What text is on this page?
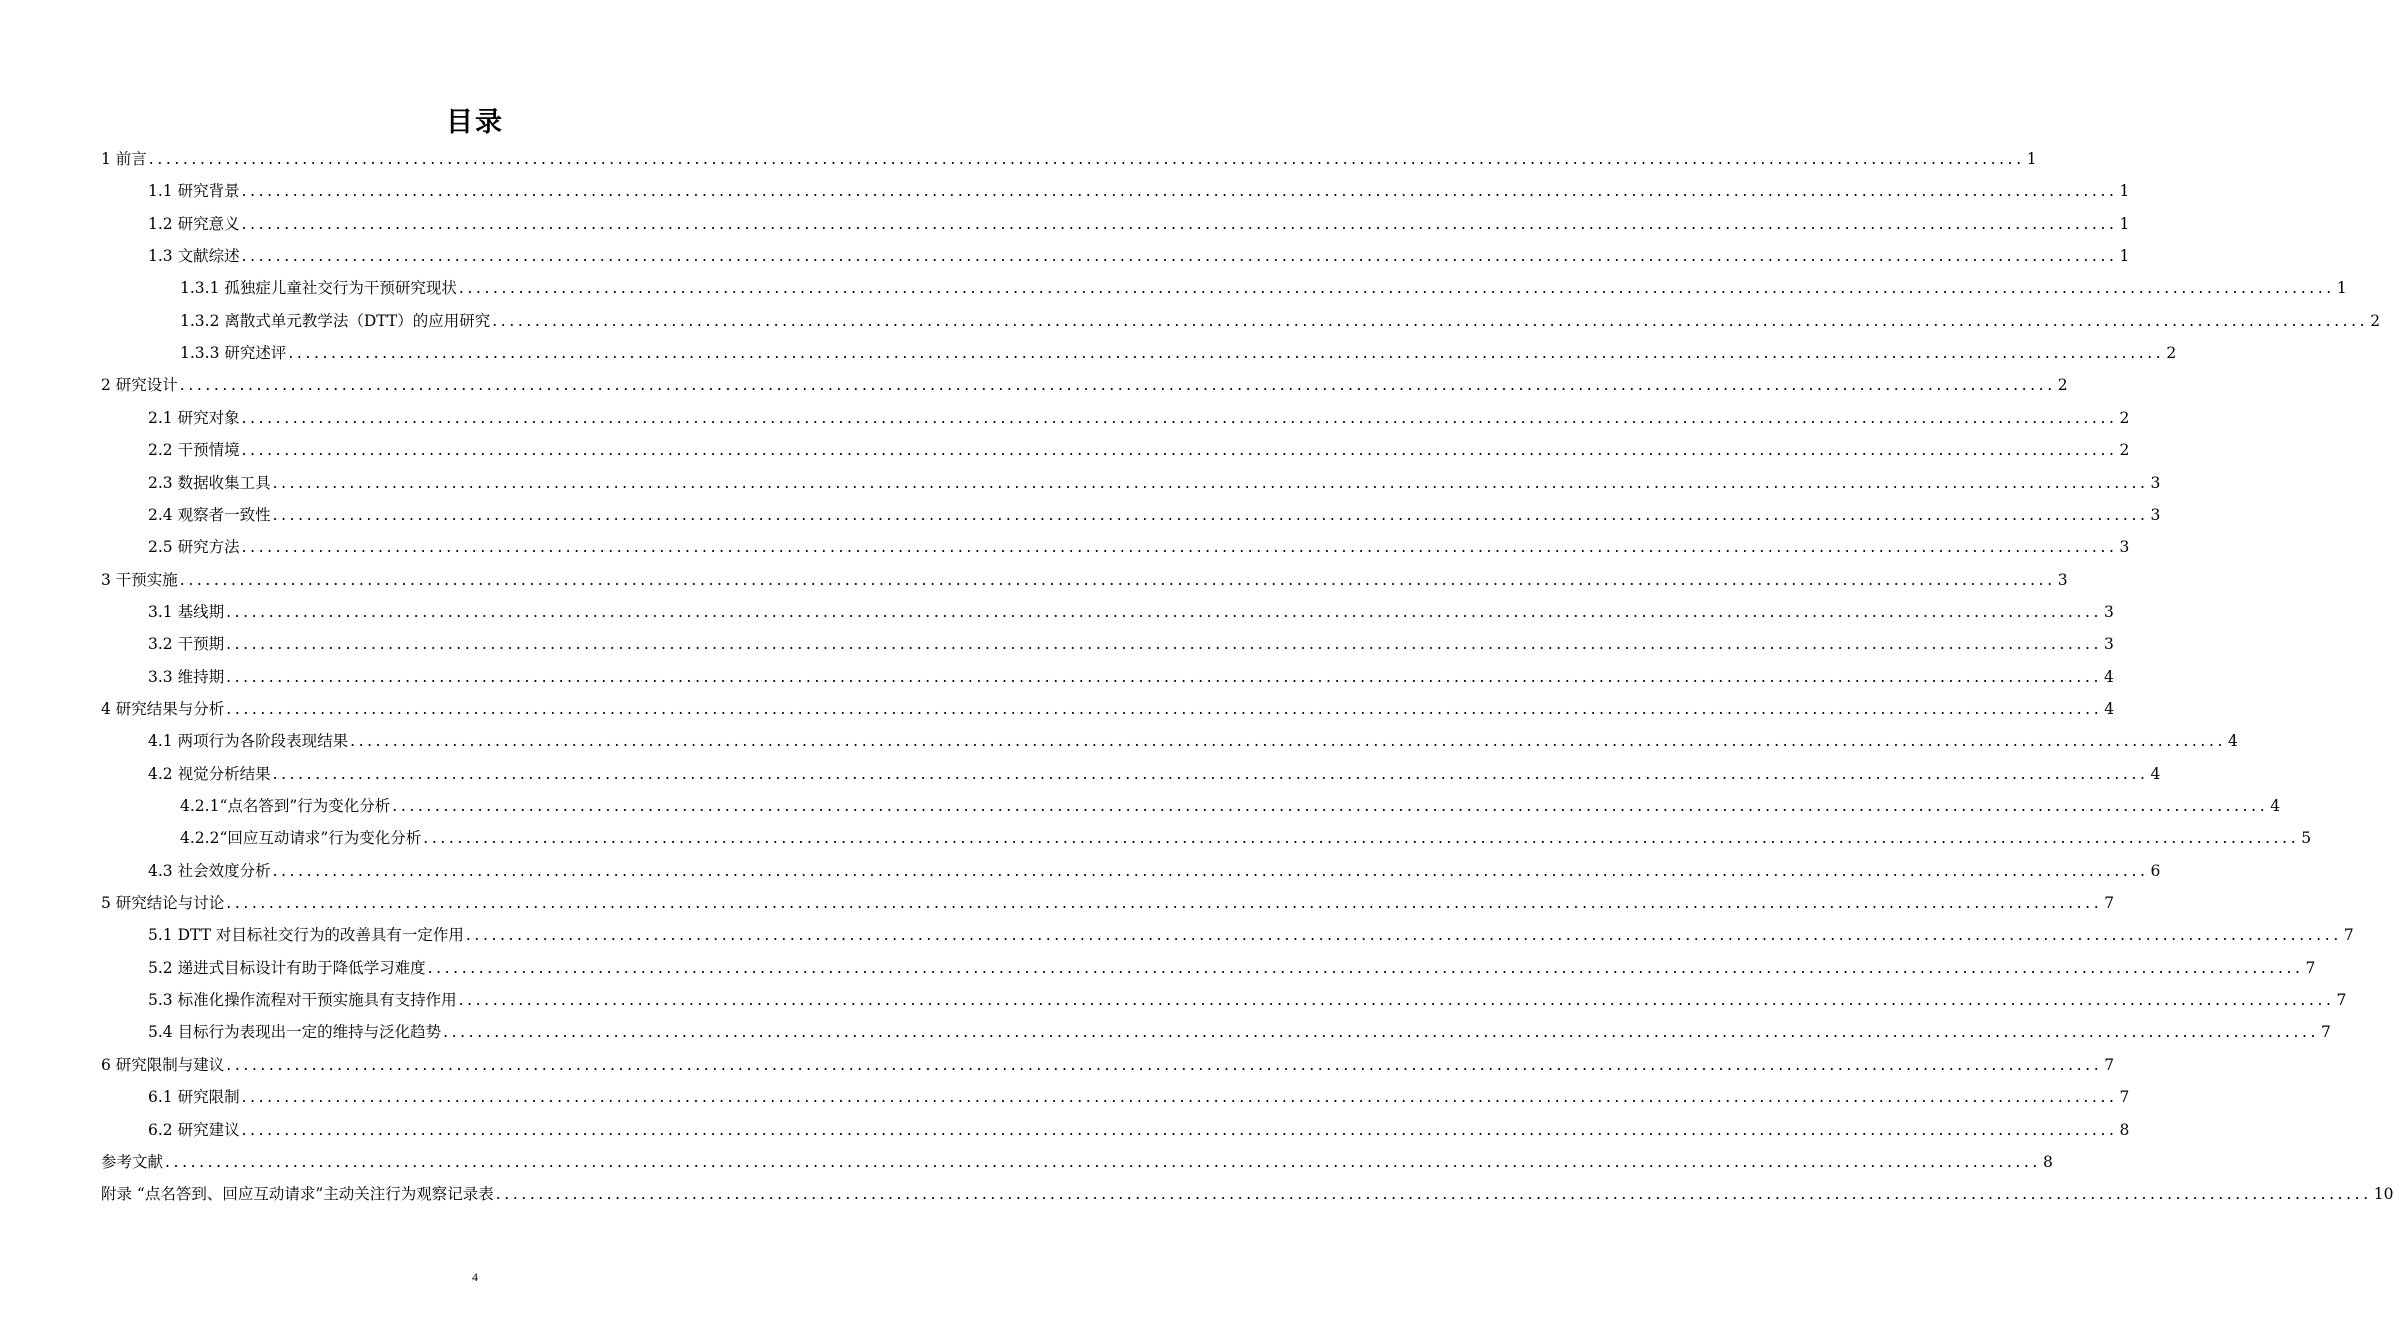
目录
1 前言 ............................................................................................................................................................................................................................ 1
1.1 研究背景 ............................................................................................................................................................................................................................ 1
1.2 研究意义 ............................................................................................................................................................................................................................ 1
1.3 文献综述 ............................................................................................................................................................................................................................ 1
1.3.1 孤独症儿童社交行为干预研究现状 ............................................................................................................................................................................................................................ 1
1.3.2 离散式单元教学法（DTT）的应用研究 ............................................................................................................................................................................................................................ 2
1.3.3 研究述评 ............................................................................................................................................................................................................................ 2
2 研究设计 ............................................................................................................................................................................................................................ 2
2.1 研究对象 ............................................................................................................................................................................................................................ 2
2.2 干预情境 ............................................................................................................................................................................................................................ 2
2.3 数据收集工具 ............................................................................................................................................................................................................................ 3
2.4 观察者一致性 ............................................................................................................................................................................................................................ 3
2.5 研究方法 ............................................................................................................................................................................................................................ 3
3 干预实施 ............................................................................................................................................................................................................................ 3
3.1 基线期 ............................................................................................................................................................................................................................ 3
3.2 干预期 ............................................................................................................................................................................................................................ 3
3.3 维持期 ............................................................................................................................................................................................................................ 4
4 研究结果与分析 ............................................................................................................................................................................................................................ 4
4.1 两项行为各阶段表现结果 ............................................................................................................................................................................................................................ 4
4.2 视觉分析结果 ............................................................................................................................................................................................................................ 4
4.2.1“点名答到”行为变化分析 ............................................................................................................................................................................................................................ 4
4.2.2“回应互动请求”行为变化分析 ............................................................................................................................................................................................................................ 5
4.3 社会效度分析 ............................................................................................................................................................................................................................ 6
5 研究结论与讨论 ............................................................................................................................................................................................................................ 7
5.1 DTT 对目标社交行为的改善具有一定作用 ............................................................................................................................................................................................................................ 7
5.2 递进式目标设计有助于降低学习难度 ............................................................................................................................................................................................................................ 7
5.3 标准化操作流程对干预实施具有支持作用 ............................................................................................................................................................................................................................ 7
5.4 目标行为表现出一定的维持与泛化趋势 ............................................................................................................................................................................................................................ 7
6 研究限制与建议 ............................................................................................................................................................................................................................ 7
6.1 研究限制 ............................................................................................................................................................................................................................ 7
6.2 研究建议 ............................................................................................................................................................................................................................ 8
参考文献 ............................................................................................................................................................................................................................ 8
附录 “点名答到、回应互动请求”主动关注行为观察记录表 ............................................................................................................................................................................................................................ 10
4
